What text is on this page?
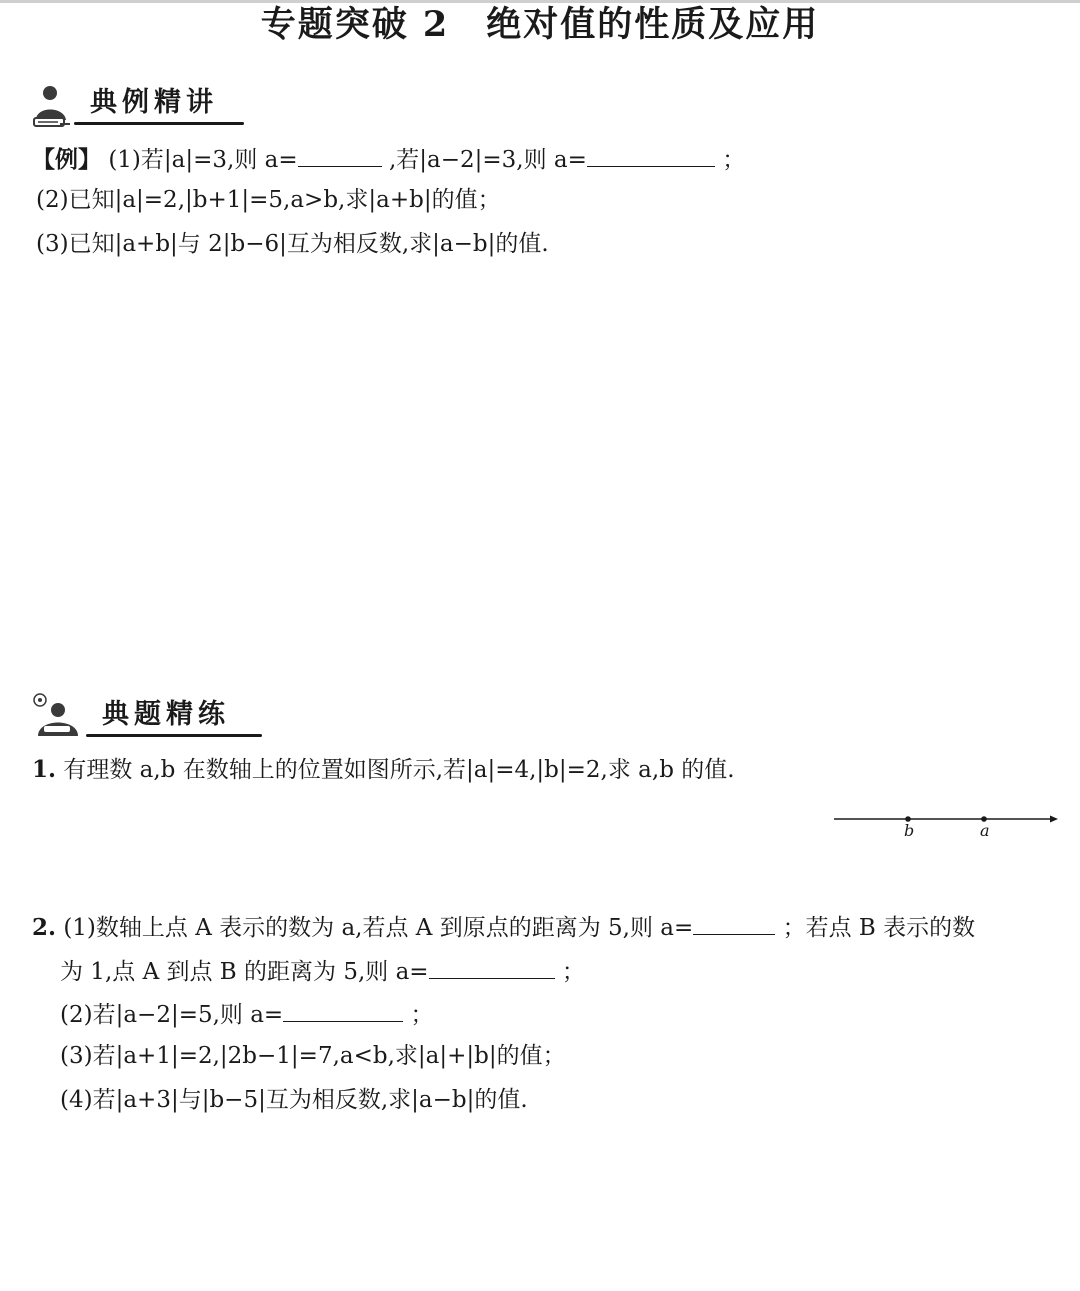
专题突破 2　绝对值的性质及应用
典例精讲
【例】 (1)若|a|=3,则 a=	,若|a−2|=3,则 a=	；
(2)已知|a|=2,|b+1|=5,a>b,求|a+b|的值；
(3)已知|a+b|与 2|b−6|互为相反数,求|a−b|的值.
典题精练
1. 有理数 a,b 在数轴上的位置如图所示,若|a|=4,|b|=2,求 a,b 的值.
b	a
2. (1)数轴上点 A 表示的数为 a,若点 A 到原点的距离为 5,则 a=	；若点 B 表示的数
为 1,点 A 到点 B 的距离为 5,则 a=	；
(2)若|a−2|=5,则 a=	；
(3)若|a+1|=2,|2b−1|=7,a<b,求|a|+|b|的值；
(4)若|a+3|与|b−5|互为相反数,求|a−b|的值.
